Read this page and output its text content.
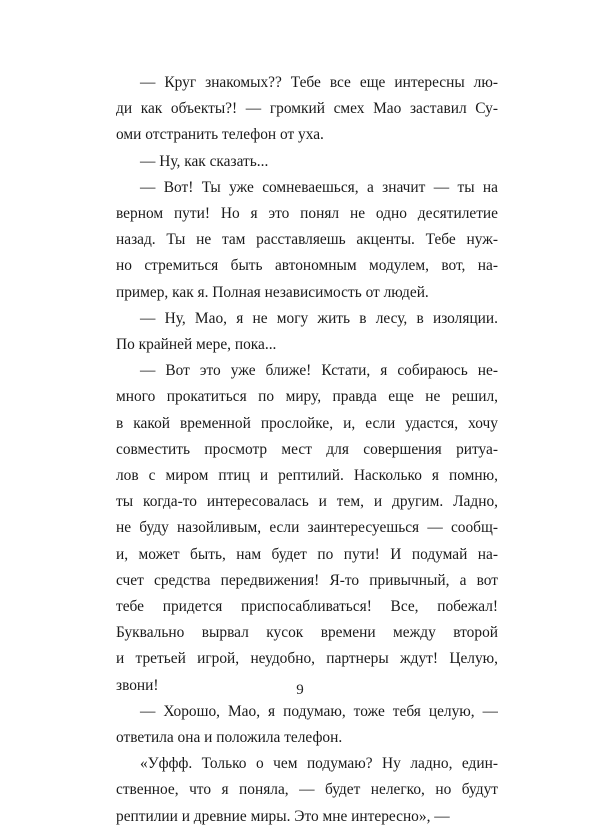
— Круг знакомых?? Тебе все еще интересны лю-
ди как объекты?! — громкий смех Мао заставил Су-
оми отстранить телефон от уха.

— Ну, как сказать...

— Вот! Ты уже сомневаешься, а значит — ты на
верном пути! Но я это понял не одно десятилетие
назад. Ты не там расставляешь акценты. Тебе нуж-
но стремиться быть автономным модулем, вот, на-
пример, как я. Полная независимость от людей.

— Ну, Мао, я не могу жить в лесу, в изоляции.
По крайней мере, пока...

— Вот это уже ближе! Кстати, я собираюсь не-
много прокатиться по миру, правда еще не решил,
в какой временной прослойке, и, если удастся, хочу
совместить просмотр мест для совершения ритуа-
лов с миром птиц и рептилий. Насколько я помню,
ты когда-то интересовалась и тем, и другим. Ладно,
не буду назойливым, если заинтересуешься — сообщ-
и, может быть, нам будет по пути! И подумай на-
счет средства передвижения! Я-то привычный, а вот
тебе придется приспосабливаться! Все, побежал!
Буквально вырвал кусок времени между второй
и третьей игрой, неудобно, партнеры ждут! Целую,
звони!

— Хорошо, Мао, я подумаю, тоже тебя целую, —
ответила она и положила телефон.

«Уффф. Только о чем подумаю? Ну ладно, един-
ственное, что я поняла, — будет нелегко, но будут
рептилии и древние миры. Это мне интересно», —

9
